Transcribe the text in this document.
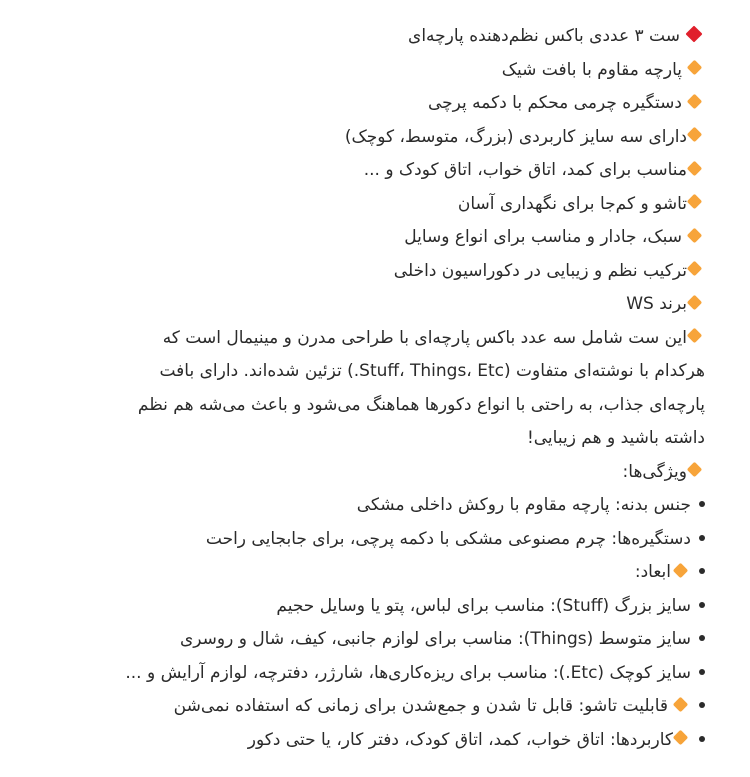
ست ۳ عددی باکس نظم‌دهنده پارچه‌ای
پارچه مقاوم با بافت شیک
دستگیره چرمی محکم با دکمه پرچی
دارای سه سایز کاربردی (بزرگ، متوسط، کوچک)
مناسب برای کمد، اتاق خواب، اتاق کودک و ...
تاشو و کم‌جا برای نگهداری آسان
سبک، جادار و مناسب برای انواع وسایل
ترکیب نظم و زیبایی در دکوراسیون داخلی
برند WS
این ست شامل سه عدد باکس پارچه‌ای با طراحی مدرن و مینیمال است که
هرکدام با نوشته‌ای متفاوت (Stuff، Things، Etc.) تزئین شده‌اند. دارای بافت
پارچه‌ای جذاب، به راحتی با انواع دکورها هماهنگ می‌شود و باعث می‌شه هم نظم
داشته باشید و هم زیبایی!
ویژگی‌ها:
جنس بدنه: پارچه مقاوم با روکش داخلی مشکی
دستگیره‌ها: چرم مصنوعی مشکی با دکمه پرچی، برای جابجایی راحت
ابعاد:
سایز بزرگ (Stuff): مناسب برای لباس، پتو یا وسایل حجیم
سایز متوسط (Things): مناسب برای لوازم جانبی، کیف، شال و روسری
سایز کوچک (Etc.): مناسب برای ریزه‌کاری‌ها، شارژر، دفترچه، لوازم آرایش و ...
قابلیت تاشو: قابل تا شدن و جمع‌شدن برای زمانی که استفاده نمی‌شن
کاربردها: اتاق خواب، کمد، اتاق کودک، دفتر کار، یا حتی دکور
